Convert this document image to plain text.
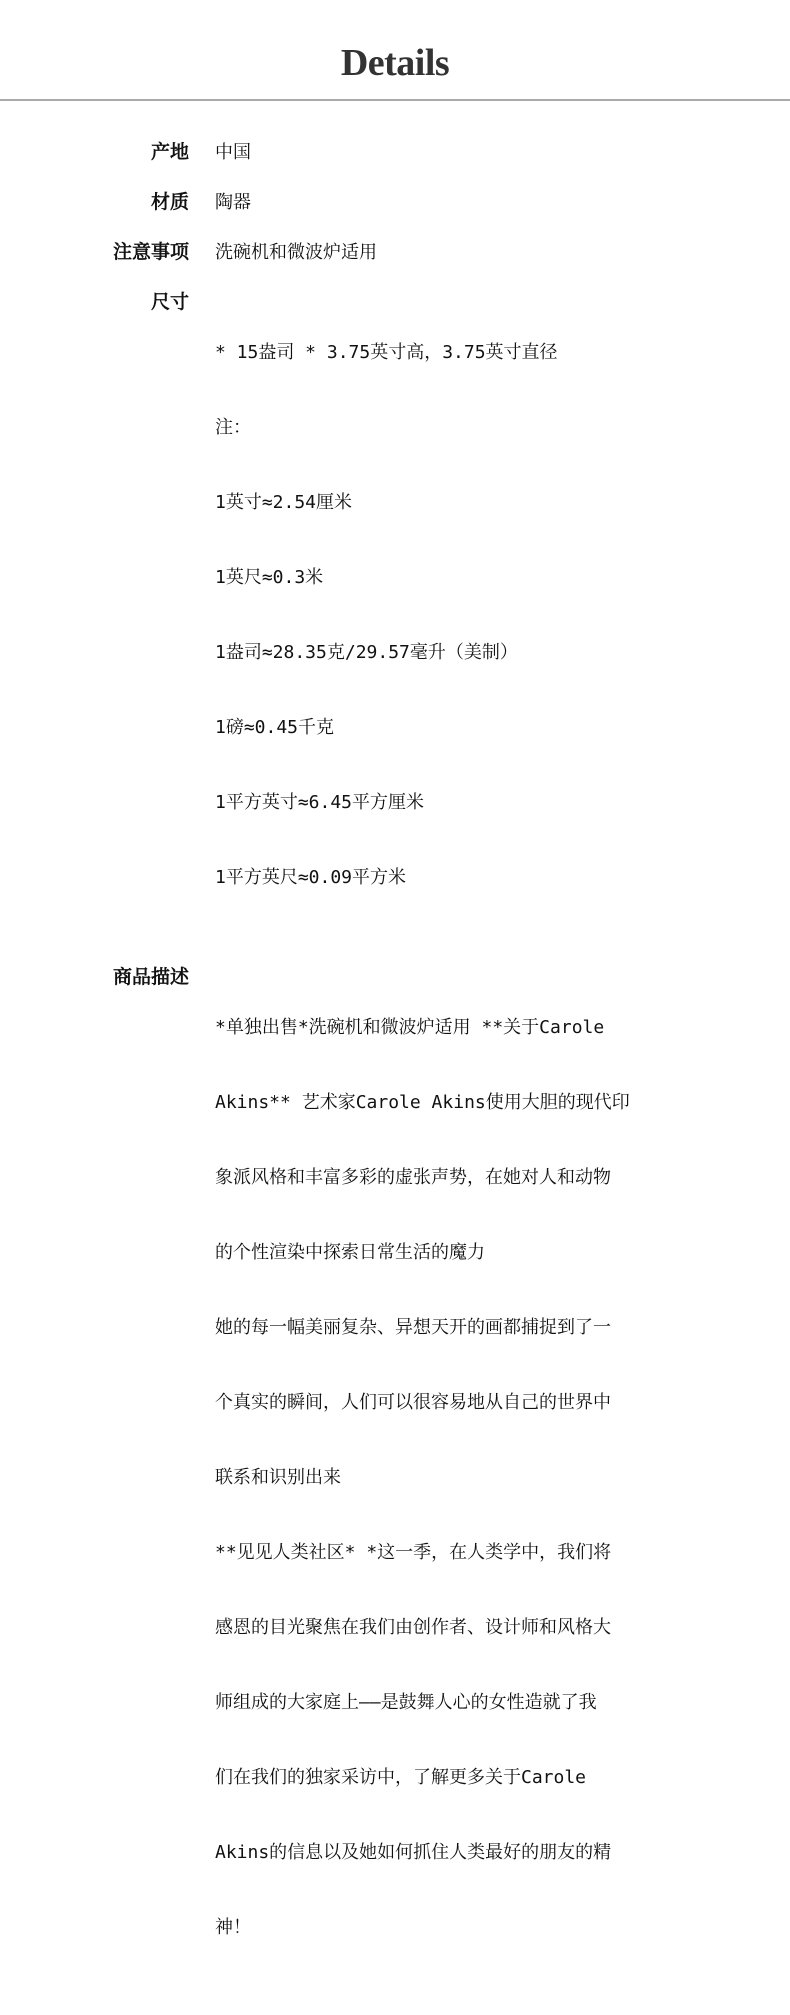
Details
产地 中国
材质 陶器
注意事项 洗碗机和微波炉适用
尺寸

* 15盎司 * 3.75英寸高，3.75英寸直径

注：

1英寸≈2.54厘米

1英尺≈0.3米

1盎司≈28.35克/29.57毫升（美制）

1磅≈0.45千克

1平方英寸≈6.45平方厘米

1平方英尺≈0.09平方米

商品描述

*单独出售*洗碗机和微波炉适用 **关于Carole

Akins** 艺术家Carole Akins使用大胆的现代印

象派风格和丰富多彩的虚张声势，在她对人和动物

的个性渲染中探索日常生活的魔力

她的每一幅美丽复杂、异想天开的画都捕捉到了一

个真实的瞬间，人们可以很容易地从自己的世界中

联系和识别出来

**见见人类社区* *这一季，在人类学中，我们将

感恩的目光聚焦在我们由创作者、设计师和风格大

师组成的大家庭上——是鼓舞人心的女性造就了我

们在我们的独家采访中，了解更多关于Carole

Akins的信息以及她如何抓住人类最好的朋友的精

神！
